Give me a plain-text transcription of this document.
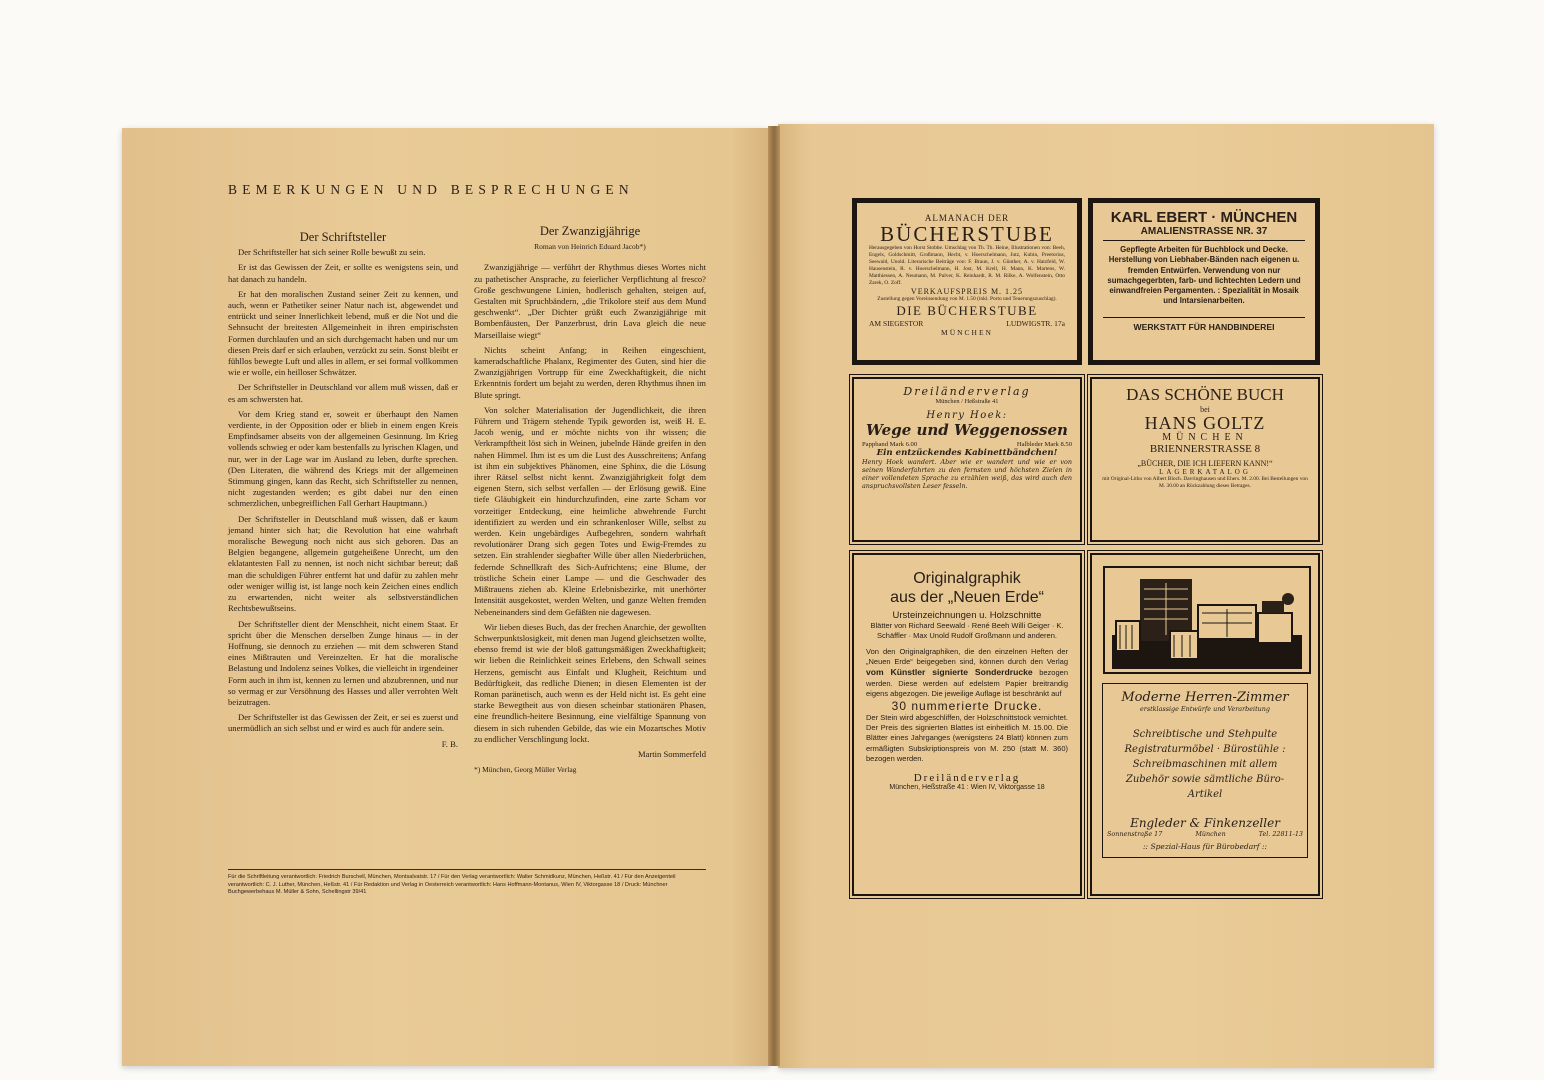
BEMERKUNGEN UND BESPRECHUNGEN
Der Schriftsteller

Der Schriftsteller hat sich seiner Rolle bewußt zu sein.

Er ist das Gewissen der Zeit, er sollte es wenigstens sein, und hat danach zu handeln.

Er hat den moralischen Zustand seiner Zeit zu kennen, und auch, wenn er Pathetiker seiner Natur nach ist, abgewendet und entrückt und seiner Innerlichkeit lebend, muß er die Not und die Sehnsucht der breitesten Allgemeinheit in ihren empirischsten Formen durchlaufen und an sich durchgemacht haben und nur um diesen Preis darf er sich erlauben, verzückt zu sein. Sonst bleibt er fühllos bewegte Luft und alles in allem, er sei formal vollkommen wie er wolle, ein heilloser Schwätzer.

Der Schriftsteller in Deutschland vor allem muß wissen, daß er es am schwersten hat.

Vor dem Krieg stand er, soweit er überhaupt den Namen verdiente, in der Opposition oder er blieb in einem engen Kreis Empfindsamer abseits von der allgemeinen Gesinnung. Im Krieg vollends schwieg er oder kam bestenfalls zu lyrischen Klagen, und nur, wer in der Lage war im Ausland zu leben, durfte sprechen. (Den Literaten, die während des Kriegs mit der allgemeinen Stimmung gingen, kann das Recht, sich Schriftsteller zu nennen, nicht zugestanden werden; es gibt dabei nur den einen schmerzlichen, unbegreiflichen Fall Gerhart Hauptmann.)

Der Schriftsteller in Deutschland muß wissen, daß er kaum jemand hinter sich hat; die Revolution hat eine wahrhaft moralische Bewegung noch nicht aus sich geboren. Das an Belgien begangene, allgemein gutgeheißene Unrecht, um den eklatantesten Fall zu nennen, ist noch nicht sichtbar bereut; daß man die schuldigen Führer entfernt hat und dafür zu zahlen mehr oder weniger willig ist, ist lange noch kein Zeichen eines endlich zu erwartenden, nicht weiter als selbstverständlichen Rechtsbewußtseins.

Der Schriftsteller dient der Menschheit, nicht einem Staat. Er spricht über die Menschen derselben Zunge hinaus — in der Hoffnung, sie dennoch zu erziehen — mit dem schweren Stand eines Mißtrauten und Vereinzelten. Er hat die moralische Belastung und Indolenz seines Volkes, die vielleicht in irgendeiner Form auch in ihm ist, kennen zu lernen und abzubrennen, und nur so vermag er zur Versöhnung des Hasses und aller verrohten Welt beizutragen.

Der Schriftsteller ist das Gewissen der Zeit, er sei es zuerst und unermüdlich an sich selbst und er wird es auch für andere sein.

F. B.

Der Zwanzigjährige

Roman von Heinrich Eduard Jacob*)

Zwanzigjährige — verführt der Rhythmus dieses Wortes nicht zu pathetischer Ansprache, zu feierlicher Verpflichtung al fresco? Große geschwungene Linien, hodlerisch gehalten, steigen auf, Gestalten mit Spruchbändern, „die Trikolore steif aus dem Mund geschwenkt“. „Der Dichter grüßt euch Zwanzigjährige mit Bombenfäusten, Der Panzerbrust, drin Lava gleich die neue Marseillaise wiegt“

Nichts scheint Anfang; in Reihen eingeschient, kameradschaftliche Phalanx, Regimenter des Guten, sind hier die Zwanzigjährigen Vortrupp für eine Zweckhaftigkeit, die nicht Erkenntnis fordert um bejaht zu werden, deren Rhythmus ihnen im Blute springt.

Von solcher Materialisation der Jugendlichkeit, die ihren Führern und Trägern stehende Typik geworden ist, weiß H. E. Jacob wenig, und er möchte nichts von ihr wissen; die Verkrampftheit löst sich in Weinen, jubelnde Hände greifen in den nahen Himmel. Ihm ist es um die Lust des Ausschreitens; Anfang ist ihm ein subjektives Phänomen, eine Sphinx, die die Lösung ihrer Rätsel selbst nicht kennt. Zwanzigjährigkeit folgt dem eigenen Stern, sich selbst verfallen — der Erlösung gewiß. Eine tiefe Gläubigkeit ein hindurchzufinden, eine zarte Scham vor vorzeitiger Entdeckung, eine heimliche abwehrende Furcht identifiziert zu werden und ein schrankenloser Wille, selbst zu werden. Kein ungebärdiges Aufbegehren, sondern wahrhaft revolutionärer Drang sich gegen Totes und Ewig-Fremdes zu setzen. Ein strahlender siegbafter Wille über allen Niederbrüchen, federnde Schnellkraft des Sich-Aufrichtens; eine Blume, der tröstliche Schein einer Lampe — und die Geschwader des Mißtrauens ziehen ab. Kleine Erlebnisbezirke, mit unerhörter Intensität ausgekostet, werden Welten, und ganze Welten fremden Nebeneinanders sind dem Gefäßten nie dagewesen.

Wir lieben dieses Buch, das der frechen Anarchie, der gewollten Schwerpunktslosigkeit, mit denen man Jugend gleichsetzen wollte, ebenso fremd ist wie der bloß gattungsmäßigen Zweckhaftigkeit; wir lieben die Reinlichkeit seines Erlebens, den Schwall seines Herzens, gemischt aus Einfalt und Klugheit, Reichtum und Bedürftigkeit, das redliche Dienen; in diesen Elementen ist der Roman paränetisch, auch wenn es der Held nicht ist. Es geht eine starke Bewegtheit aus von diesen scheinbar stationären Phasen, eine freundlich-heitere Besinnung, eine vielfältige Spannung von diesem in sich ruhenden Gebilde, das wie ein Mozartsches Motiv zu endlicher Verschlingung lockt.

Martin Sommerfeld

*) München, Georg Müller Verlag

Für die Schriftleitung verantwortlich: Friedrich Burschell, München, Montsalvatstr. 17 / Für den Verlag verantwortlich: Walter Schmidkunz, München, Heßstr. 41 / Für den Anzeigenteil verantwortlich: C. J. Luther, München, Heßstr. 41 / Für Redaktion und Verlag in Oesterreich verantwortlich: Hans Hoffmann-Montanus, Wien IV, Viktorgasse 18 / Druck: Münchner Buchgewerbehaus M. Müller & Sohn, Schellingstr 39/41
ALMANACH DER
BÜCHERSTUBE
Herausgegeben von Horst Stobbe. Umschlag von Th. Th. Heine, Illustrationen von: Beeh, Engels, Goldschmitt, Großmann, Hecht, v. Hoerschelmann, Jutz, Kubin, Preetorius, Seewald, Unold. Literarische Beiträge von: F. Braun, J. v. Günther, A. v. Hatzfeld, W. Hausenstein, R. v. Hoerschelmann, H. Jost, M. Krell, H. Mann, K. Martens, W. Matthiessen, A. Neumann, M. Pulver, K. Reinhardt, R. M. Rilke, A. Wolfenstein, Otto Zarek, O. Zoff.
VERKAUFSPREIS M. 1.25
Zustellung gegen Voreinsendung von M. 1.50 (inkl. Porto und Teuerungszuschlag).
DIE BÜCHERSTUBE
AM SIEGESTOR	LUDWIGSTR. 17a
MÜNCHEN
KARL EBERT · MÜNCHEN
AMALIENSTRASSE NR. 37
Gepflegte Arbeiten für Buchblock und Decke. Herstellung von Liebhaber-Bänden nach eigenen u. fremden Entwürfen. Verwendung von nur sumachgegerbten, farb- und lichtechten Ledern und einwandfreien Pergamenten. : Spezialität in Mosaik und Intarsienarbeiten.
WERKSTATT FÜR HANDBINDEREI
Dreiländerverlag
München / Heßstraße 41
Henry Hoek:
Wege und Weggenossen
Pappband Mark 6.00	Halbleder Mark 8.50
Ein entzückendes Kabinettbändchen!
Henry Hoek wandert. Aber wie er wandert und wie er von seinen Wanderfahrten zu den fernsten und höchsten Zielen in einer vollendeten Sprache zu erzählen weiß, das wird auch den anspruchsvollsten Leser fesseln.
DAS SCHÖNE BUCH
bei
HANS GOLTZ
MÜNCHEN
BRIENNERSTRASSE 8
„BÜCHER, DIE ICH LIEFERN KANN!“
LAGERKATALOG
mit Original-Litho von Albert Bloch. Davringhausen und Ehers. M. 2.00. Bei Bestellungen von M. 30.00 an Rückzahlung dieses Betrages.
Originalgraphik
aus der „Neuen Erde“
Ursteinzeichnungen u. Holzschnitte
Blätter von Richard Seewald · René Beeh Willi Geiger · K. Schäffler · Max Unold Rudolf Großmann und anderen.
Von den Originalgraphiken, die den einzelnen Heften der „Neuen Erde“ beigegeben sind, können durch den Verlag vom Künstler signierte Sonderdrucke bezogen werden. Diese werden auf edelstem Papier breitrandig eigens abgezogen. Die jeweilige Auflage ist beschränkt auf
30 nummerierte Drucke.
Der Stein wird abgeschliffen, der Holzschnittstock vernichtet. Der Preis des signierten Blattes ist einheitlich M. 15.00. Die Blätter eines Jahrganges (wenigstens 24 Blatt) können zum ermäßigten Subskriptionspreis von M. 250 (statt M. 360) bezogen werden.
Dreiländerverlag
München, Heßstraße 41 : Wien IV, Viktorgasse 18
Moderne Herren-Zimmer
erstklassige Entwürfe und Verarbeitung
Schreibtische und Stehpulte Registraturmöbel · Bürostühle : Schreibmaschinen mit allem Zubehör sowie sämtliche Büro-Artikel
Engleder & Finkenzeller
Sonnenstraße 17	München	Tel. 22811-13
:: Spezial-Haus für Bürobedarf ::
